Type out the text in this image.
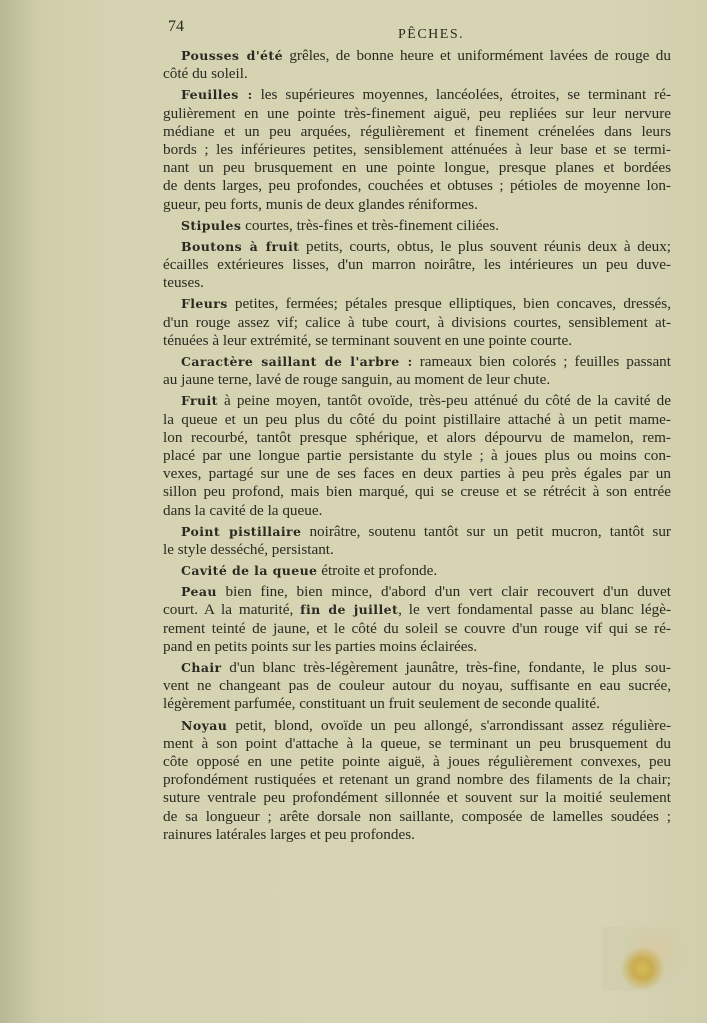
74	PÊCHES.
Pousses d'été grêles, de bonne heure et uniformément lavées de rouge du
côté du soleil.
Feuilles : les supérieures moyennes, lancéolées, étroites, se terminant ré-
gulièrement en une pointe très-finement aiguë, peu repliées sur leur nervure
médiane et un peu arquées, régulièrement et finement crénelées dans leurs
bords ; les inférieures petites, sensiblement atténuées à leur base et se termi-
nant un peu brusquement en une pointe longue, presque planes et bordées
de dents larges, peu profondes, couchées et obtuses ; pétioles de moyenne lon-
gueur, peu forts, munis de deux glandes réniformes.
Stipules courtes, très-fines et très-finement ciliées.
Boutons à fruit petits, courts, obtus, le plus souvent réunis deux à deux;
écailles extérieures lisses, d'un marron noirâtre, les intérieures un peu duve-
teuses.
Fleurs petites, fermées; pétales presque elliptiques, bien concaves, dressés,
d'un rouge assez vif; calice à tube court, à divisions courtes, sensiblement at-
ténuées à leur extrémité, se terminant souvent en une pointe courte.
Caractère saillant de l'arbre : rameaux bien colorés ; feuilles passant
au jaune terne, lavé de rouge sanguin, au moment de leur chute.
Fruit à peine moyen, tantôt ovoïde, très-peu atténué du côté de la cavité de
la queue et un peu plus du côté du point pistillaire attaché à un petit mame-
lon recourbé, tantôt presque sphérique, et alors dépourvu de mamelon, rem-
placé par une longue partie persistante du style ; à joues plus ou moins con-
vexes, partagé sur une de ses faces en deux parties à peu près égales par un
sillon peu profond, mais bien marqué, qui se creuse et se rétrécit à son entrée
dans la cavité de la queue.
Point pistillaire noirâtre, soutenu tantôt sur un petit mucron, tantôt sur
le style desséché, persistant.
Cavité de la queue étroite et profonde.
Peau bien fine, bien mince, d'abord d'un vert clair recouvert d'un duvet
court. A la maturité, fin de juillet, le vert fondamental passe au blanc légè-
rement teinté de jaune, et le côté du soleil se couvre d'un rouge vif qui se ré-
pand en petits points sur les parties moins éclairées.
Chair d'un blanc très-légèrement jaunâtre, très-fine, fondante, le plus sou-
vent ne changeant pas de couleur autour du noyau, suffisante en eau sucrée,
légèrement parfumée, constituant un fruit seulement de seconde qualité.
Noyau petit, blond, ovoïde un peu allongé, s'arrondissant assez régulière-
ment à son point d'attache à la queue, se terminant un peu brusquement du
côte opposé en une petite pointe aiguë, à joues régulièrement convexes, peu
profondément rustiquées et retenant un grand nombre des filaments de la chair;
suture ventrale peu profondément sillonnée et souvent sur la moitié seulement
de sa longueur ; arête dorsale non saillante, composée de lamelles soudées ;
rainures latérales larges et peu profondes.
